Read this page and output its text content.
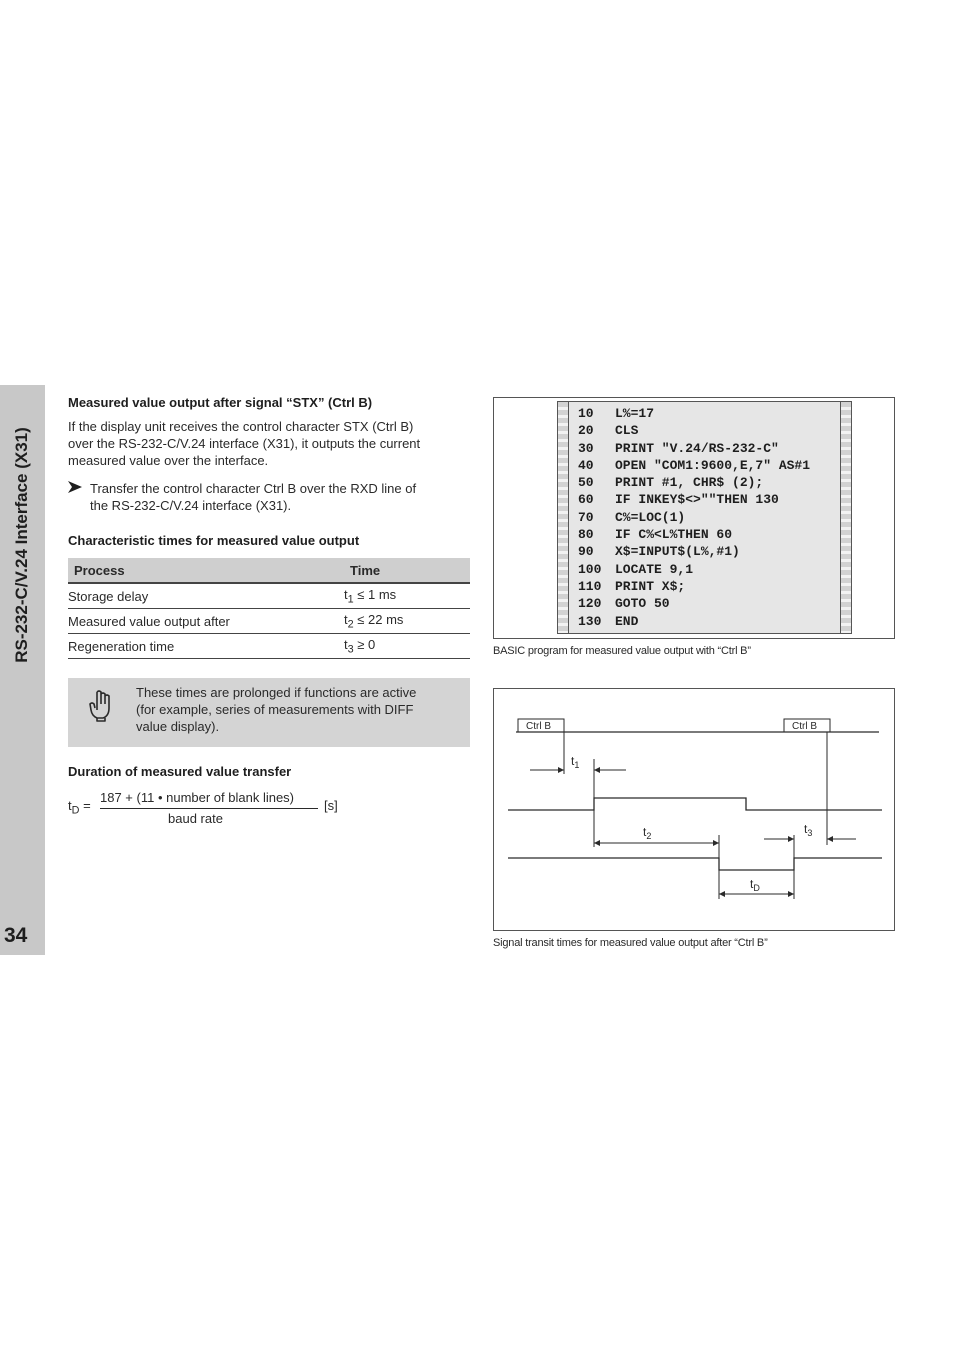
RS-232-C/V.24 Interface (X31)
34
Measured value output after signal “STX” (Ctrl B)
If the display unit receives the control character STX (Ctrl B)
over the RS-232-C/V.24 interface (X31), it outputs the current
measured value over the interface.
Transfer the control character Ctrl B over the RXD line of
the RS-232-C/V.24 interface (X31).
Characteristic times for measured value output
Process	Time
Storage delay	$t_1 \le 1$ ms
Measured value output after	$t_2 \le 22$ ms
Regeneration time	$t_3 \ge 0$
These times are prolonged if functions are active
(for example, series of measurements with DIFF
value display).
Duration of measured value transfer
$t_D$ =
187 + (11 • number of blank lines)
baud rate
[s]
10 L%=17
20 CLS
30 PRINT "V.24/RS-232-C"
40 OPEN "COM1:9600,E,7" AS#1
50 PRINT #1, CHR$ (2);
60 IF INKEY$<>""THEN 130
70 C%=LOC(1)
80 IF C%<L%THEN 60
90 X$=INPUT$(L%,#1)
100 LOCATE 9,1
110 PRINT X$;
120 GOTO 50
130 END
BASIC program for measured value output with “Ctrl B”
Ctrl B	Ctrl B
$t_1$
$t_2$	$t_3$
$t_D$
Signal transit times for measured value output after “Ctrl B”
